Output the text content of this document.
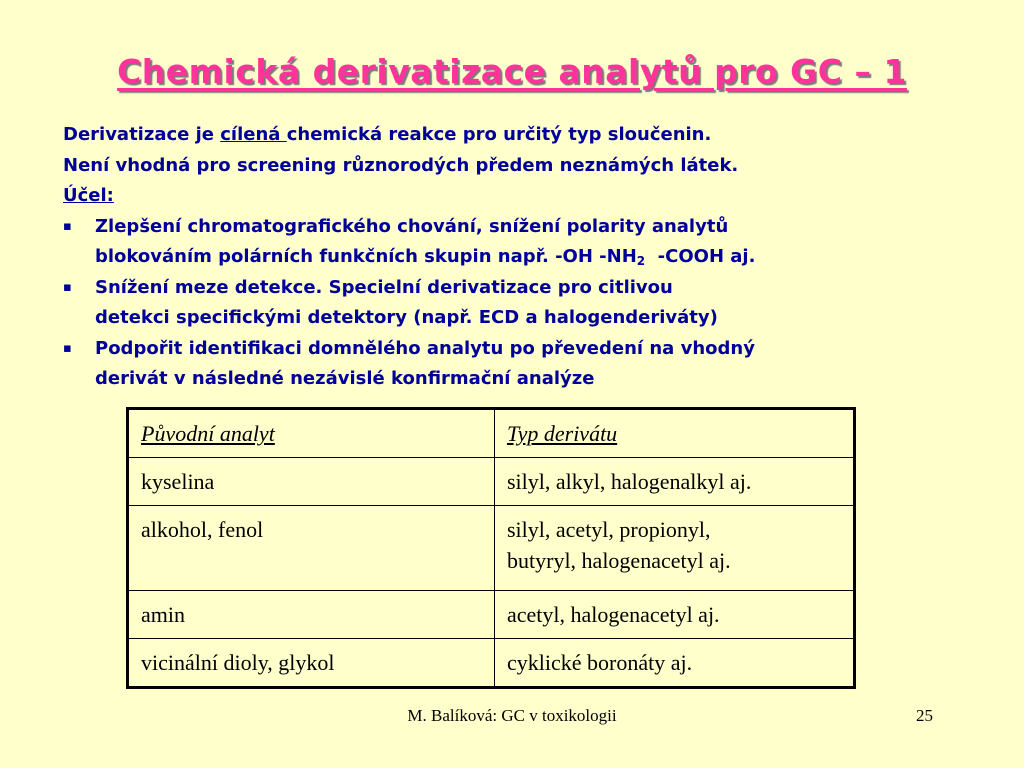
Chemická derivatizace analytů pro GC – 1
Derivatizace je cílená chemická reakce pro určitý typ sloučenin.
Není vhodná pro screening různorodých předem neznámých látek.
Účel:
▪	Zlepšení chromatografického chování, snížení polarity analytů
blokováním polárních funkčních skupin např. -OH $-NH_2$  -COOH aj.
▪	Snížení meze detekce. Specielní derivatizace pro citlivou
detekci specifickými detektory (např. ECD a halogenderiváty)
▪	Podpořit identifikaci domnělého analytu po převedení na vhodný
derivát v následné nezávislé konfirmační analýze
Původní analyt	Typ derivátu
kyselina	silyl, alkyl, halogenalkyl aj.
alkohol, fenol	silyl, acetyl, propionyl,
butyryl, halogenacetyl aj.

amin	acetyl, halogenacetyl aj.
vicinální dioly, glykol	cyklické boronáty aj.
M. Balíková: GC v toxikologii	25
